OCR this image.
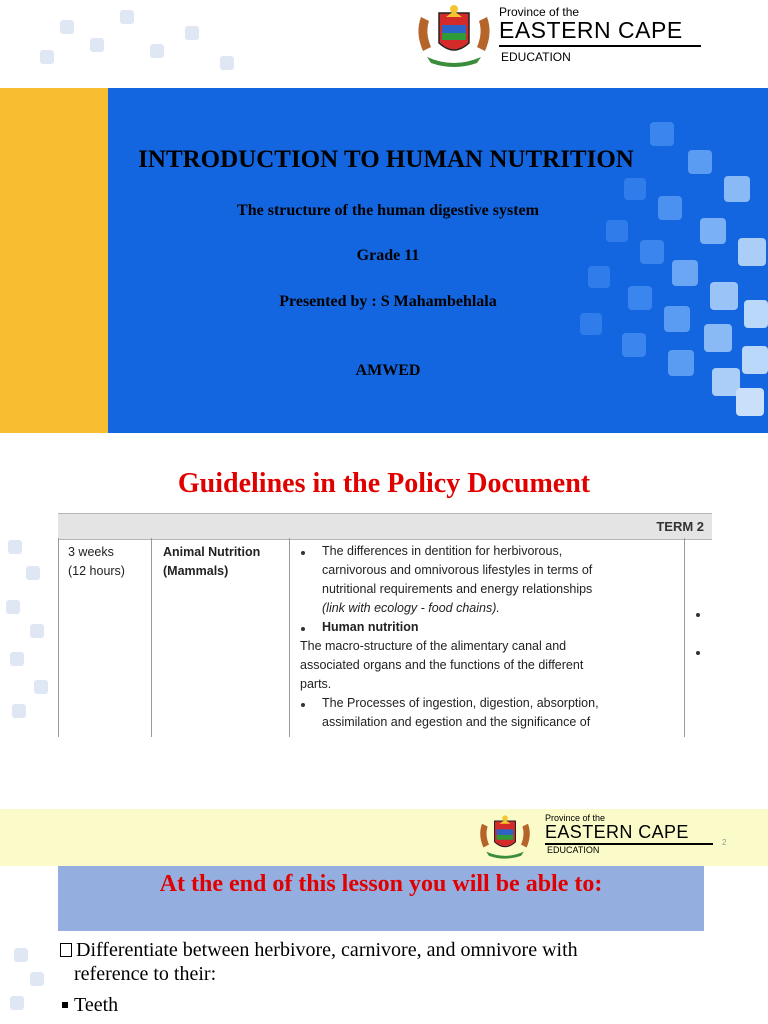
Province of the
EASTERN CAPE
EDUCATION
INTRODUCTION TO HUMAN NUTRITION
The structure of the human digestive system
Grade 11
Presented by : S Mahambehlala
AMWED
Guidelines in the Policy Document
TERM 2
3 weeks
(12 hours)
Animal Nutrition
(Mammals)
The differences in dentition for herbivorous,
carnivorous and omnivorous lifestyles in terms of
nutritional requirements and energy relationships
(link with ecology - food chains).
Human nutrition
The macro-structure of the alimentary canal and
associated organs and the functions of the different
parts.
The Processes of ingestion, digestion, absorption,
assimilation and egestion and the significance of
Province of the
EASTERN CAPE
EDUCATION
2
At the end of this lesson you will be able to:
Differentiate between herbivore, carnivore, and omnivore with
reference to their:
Teeth
